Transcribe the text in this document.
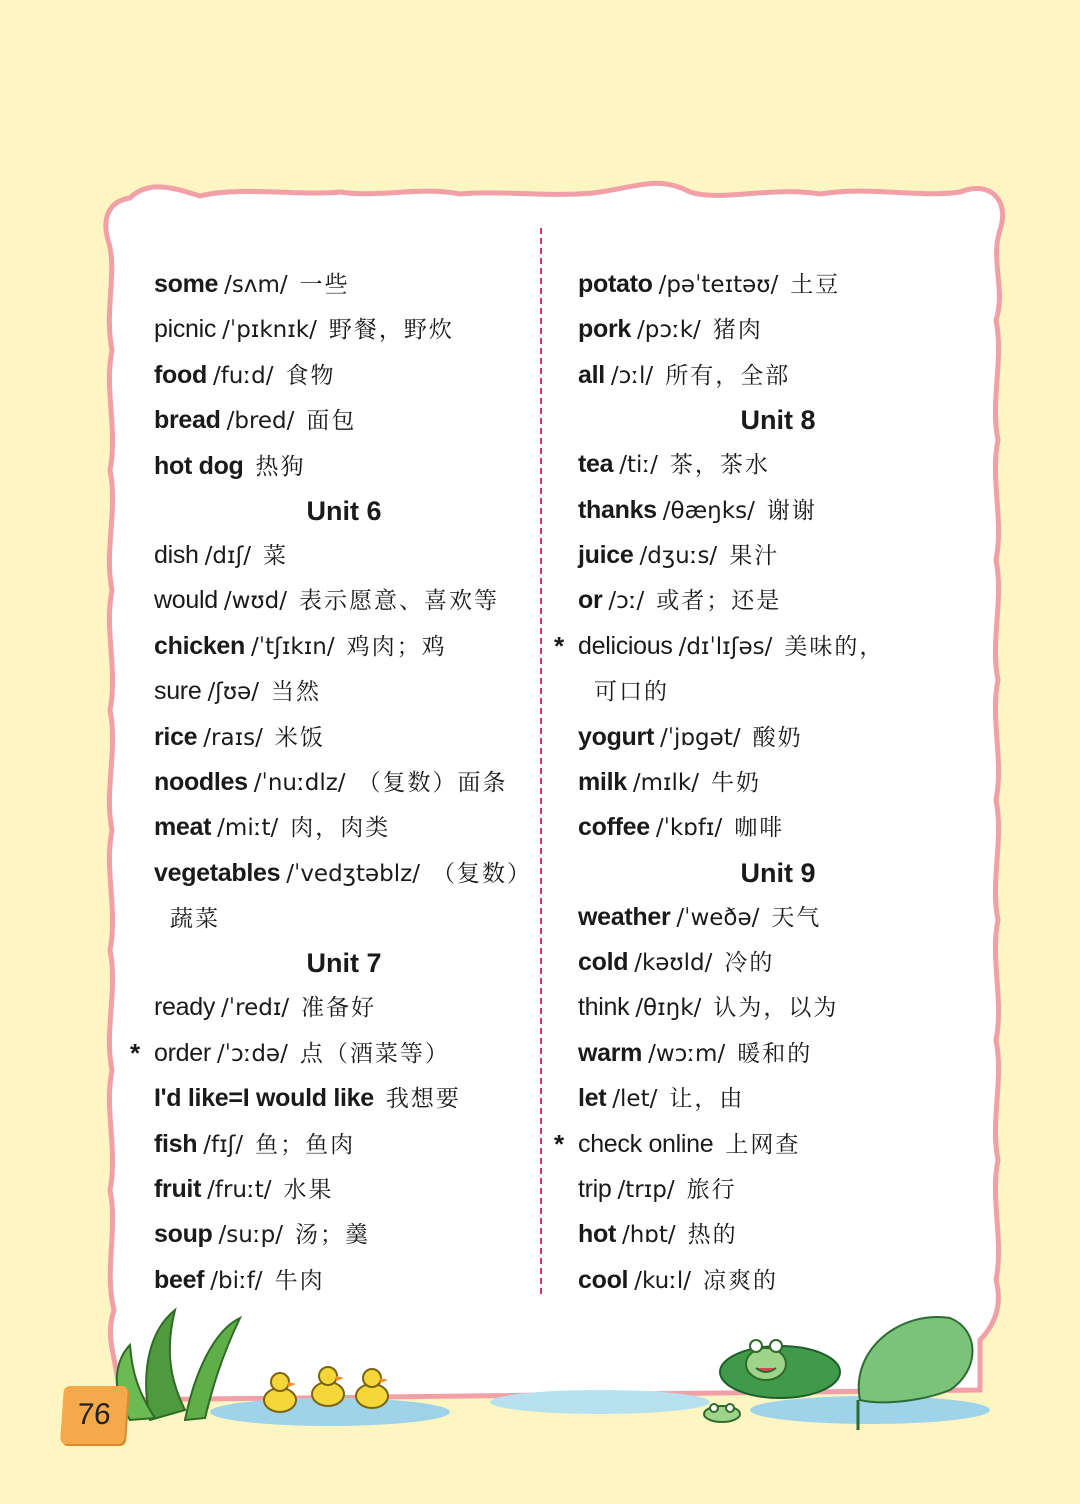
some /sʌm/ 一些
picnic /ˈpɪknɪk/ 野餐，野炊
food /fuːd/ 食物
bread /bred/ 面包
hot dog 热狗
Unit 6
dish /dɪʃ/ 菜
would /wʊd/ 表示愿意、喜欢等
chicken /ˈtʃɪkɪn/ 鸡肉；鸡
sure /ʃʊə/ 当然
rice /raɪs/ 米饭
noodles /ˈnuːdlz/ （复数）面条
meat /miːt/ 肉，肉类
vegetables /ˈvedʒtəblz/ （复数）
蔬菜
Unit 7
ready /ˈredɪ/ 准备好
* order /ˈɔːdə/ 点（酒菜等）
I'd like=I would like 我想要
fish /fɪʃ/ 鱼；鱼肉
fruit /fruːt/ 水果
soup /suːp/ 汤；羹
beef /biːf/ 牛肉
potato /pəˈteɪtəʊ/ 土豆
pork /pɔːk/ 猪肉
all /ɔːl/ 所有，全部
Unit 8
tea /tiː/ 茶，茶水
thanks /θæŋks/ 谢谢
juice /dʒuːs/ 果汁
or /ɔː/ 或者；还是
* delicious /dɪˈlɪʃəs/ 美味的，
可口的
yogurt /ˈjɒgət/ 酸奶
milk /mɪlk/ 牛奶
coffee /ˈkɒfɪ/ 咖啡
Unit 9
weather /ˈweðə/ 天气
cold /kəʊld/ 冷的
think /θɪŋk/ 认为，以为
warm /wɔːm/ 暖和的
let /let/ 让，由
* check online 上网查
trip /trɪp/ 旅行
hot /hɒt/ 热的
cool /kuːl/ 凉爽的
76
